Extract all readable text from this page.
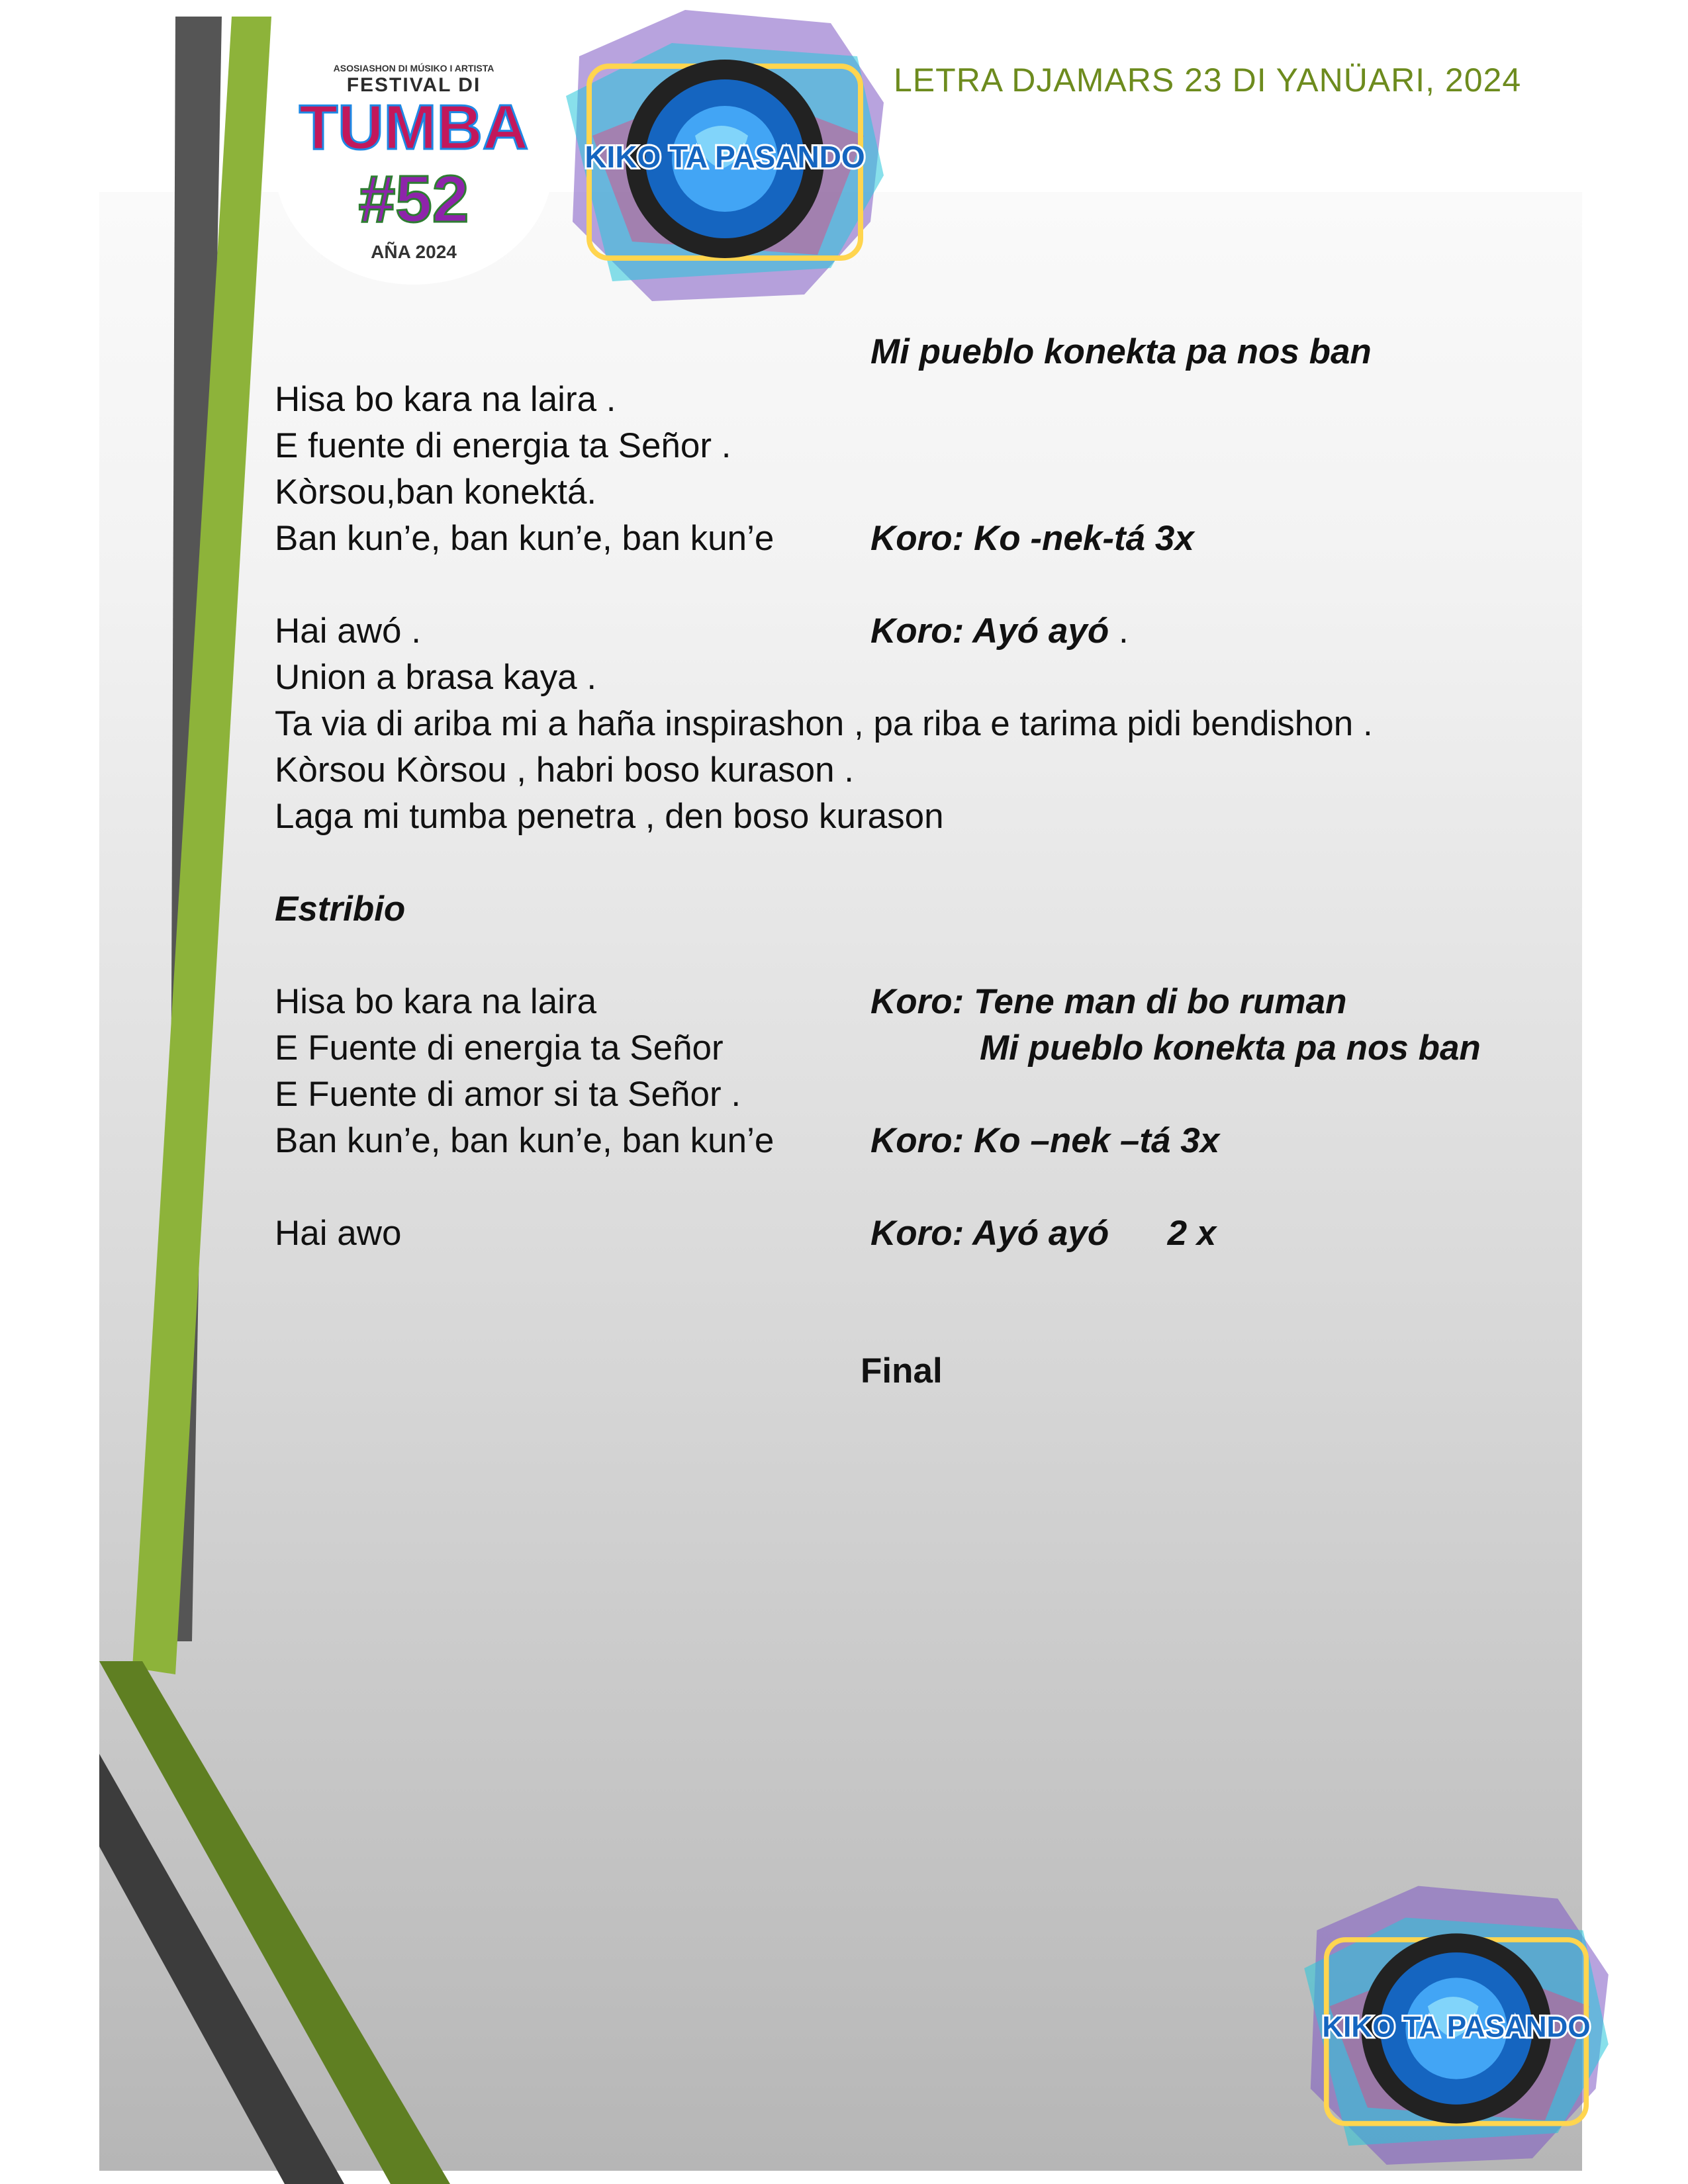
ASOSIASHON DI MÚSIKO I ARTISTA
FESTIVAL DI
TUMBA
#52
AÑA 2024
KIKO TA PASANDO
LETRA DJAMARS 23 DI YANÜARI, 2024
Mi pueblo konekta pa nos ban
Hisa bo kara na laira .
E fuente di energia ta Señor .
Kòrsou,ban konektá.
Ban kun’e, ban kun’e, ban kun’e	Koro: Ko -nek-tá 3x
Hai awó .	Koro: Ayó ayó .
Union a brasa kaya .
Ta via di ariba mi a haña inspirashon , pa riba e tarima pidi bendishon .
Kòrsou Kòrsou , habri boso kurason .
Laga mi tumba penetra , den boso kurason
Estribio
Hisa bo kara na laira	Koro: Tene man di bo ruman
E Fuente di energia ta Señor	Mi pueblo konekta pa nos ban
E Fuente di amor si ta Señor .
Ban kun’e, ban kun’e, ban kun’e	Koro: Ko –nek –tá 3x
Hai awo	Koro: Ayó ayó      2 x
Final
KIKO TA PASANDO
